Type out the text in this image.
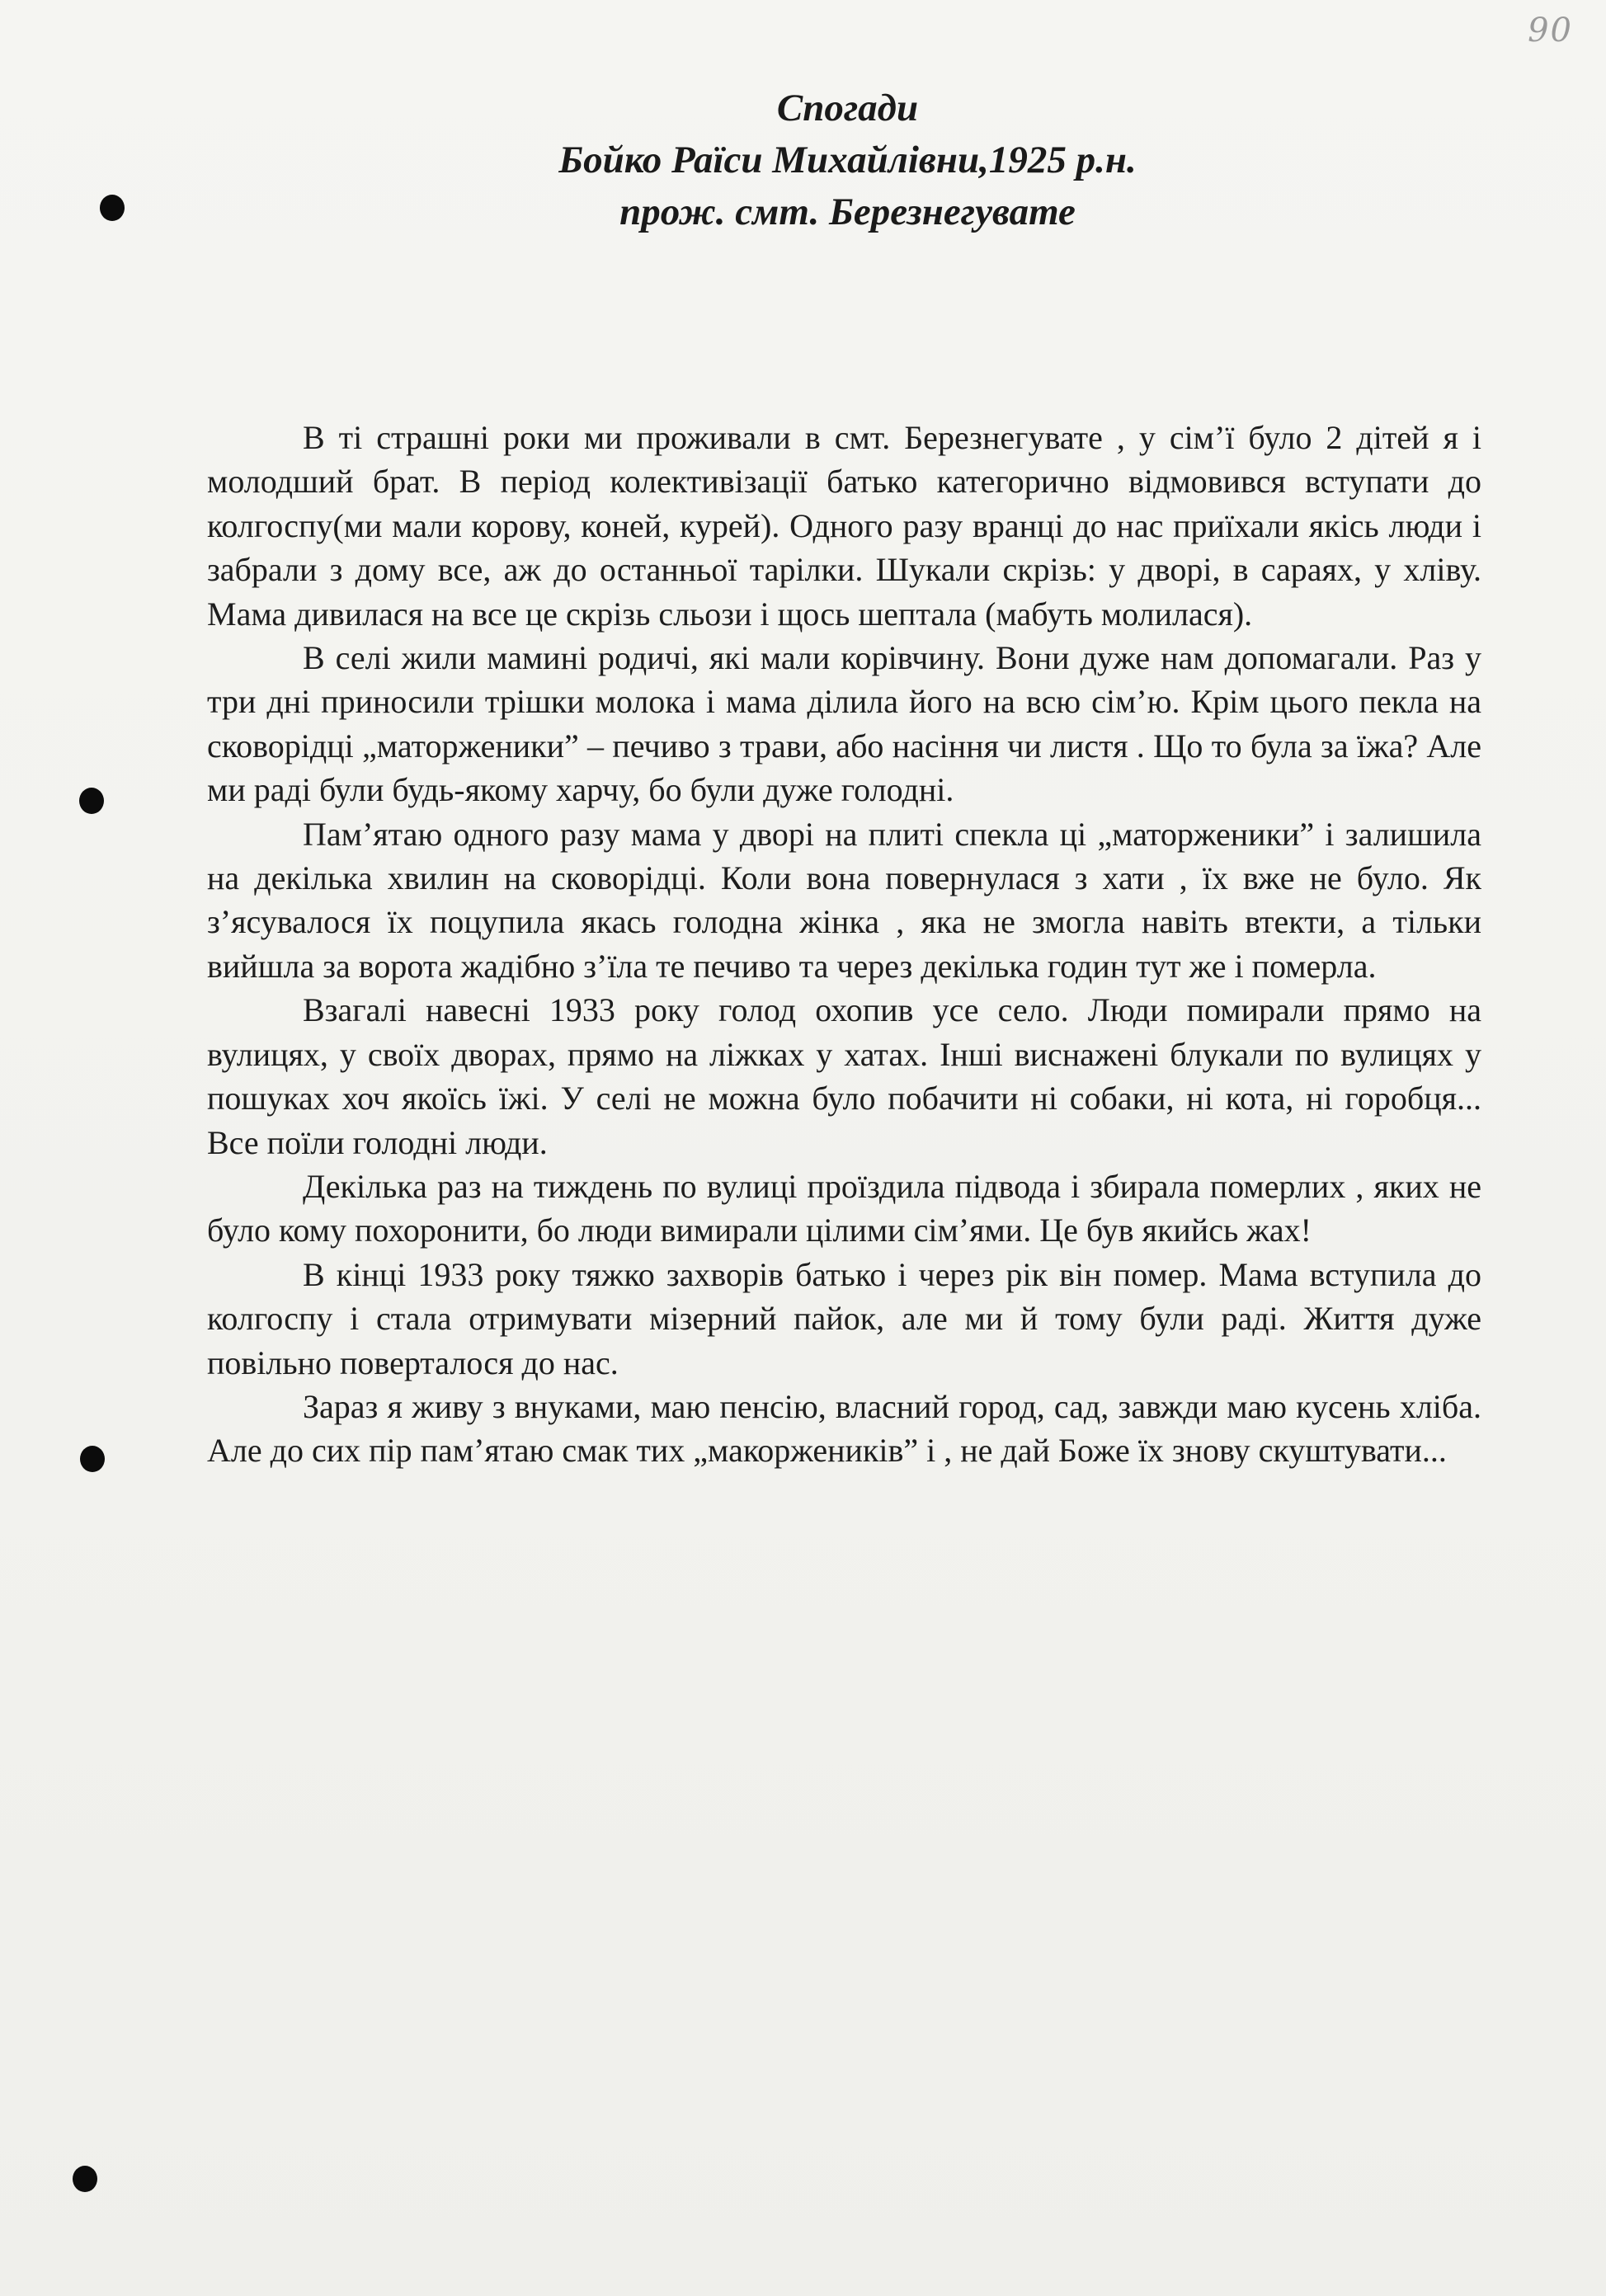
90
Спогади
Бойко Раїси Михайлівни,1925 р.н.
прож. смт. Березнегувате

В ті страшні роки ми проживали в смт. Березнегувате , у сім’ї було 2 дітей я і молодший брат. В період колективізації батько категорично відмовився вступати до колгоспу(ми мали корову, коней, курей). Одного разу вранці до нас приїхали якісь люди і забрали з дому все, аж до останньої тарілки. Шукали скрізь: у дворі, в сараях, у хліву. Мама дивилася на все це скрізь сльози і щось шептала (мабуть молилася).

В селі жили мамині родичі, які мали корівчину. Вони дуже нам допомагали. Раз у три дні приносили трішки молока і мама ділила його на всю сім’ю. Крім цього пекла на сковорідці „маторженики” – печиво з трави, або насіння чи листя . Що то була за їжа? Але ми раді були будь-якому харчу, бо були дуже голодні.

Пам’ятаю одного разу мама у дворі на плиті спекла ці „маторженики” і залишила на декілька хвилин на сковорідці. Коли вона повернулася з хати , їх вже не було. Як з’ясувалося їх поцупила якась голодна жінка , яка не змогла навіть втекти, а тільки вийшла за ворота жадібно з’їла те печиво та через декілька годин тут же і померла.

Взагалі навесні 1933 року голод охопив усе село. Люди помирали прямо на вулицях, у своїх дворах, прямо на ліжках у хатах. Інші виснажені блукали по вулицях у пошуках хоч якоїсь їжі. У селі не можна було побачити ні собаки, ні кота, ні горобця... Все поїли голодні люди.

Декілька раз на тиждень по вулиці проїздила підвода і збирала померлих , яких не було кому похоронити, бо люди вимирали цілими сім’ями. Це був якийсь жах!

В кінці 1933 року тяжко захворів батько і через рік він помер. Мама вступила до колгоспу і стала отримувати мізерний пайок, але ми й тому були раді. Життя дуже повільно поверталося до нас.

Зараз я живу з внуками, маю пенсію, власний город, сад, завжди маю кусень хліба. Але до сих пір пам’ятаю смак тих „макоржеників” і , не дай Боже їх знову скуштувати...
